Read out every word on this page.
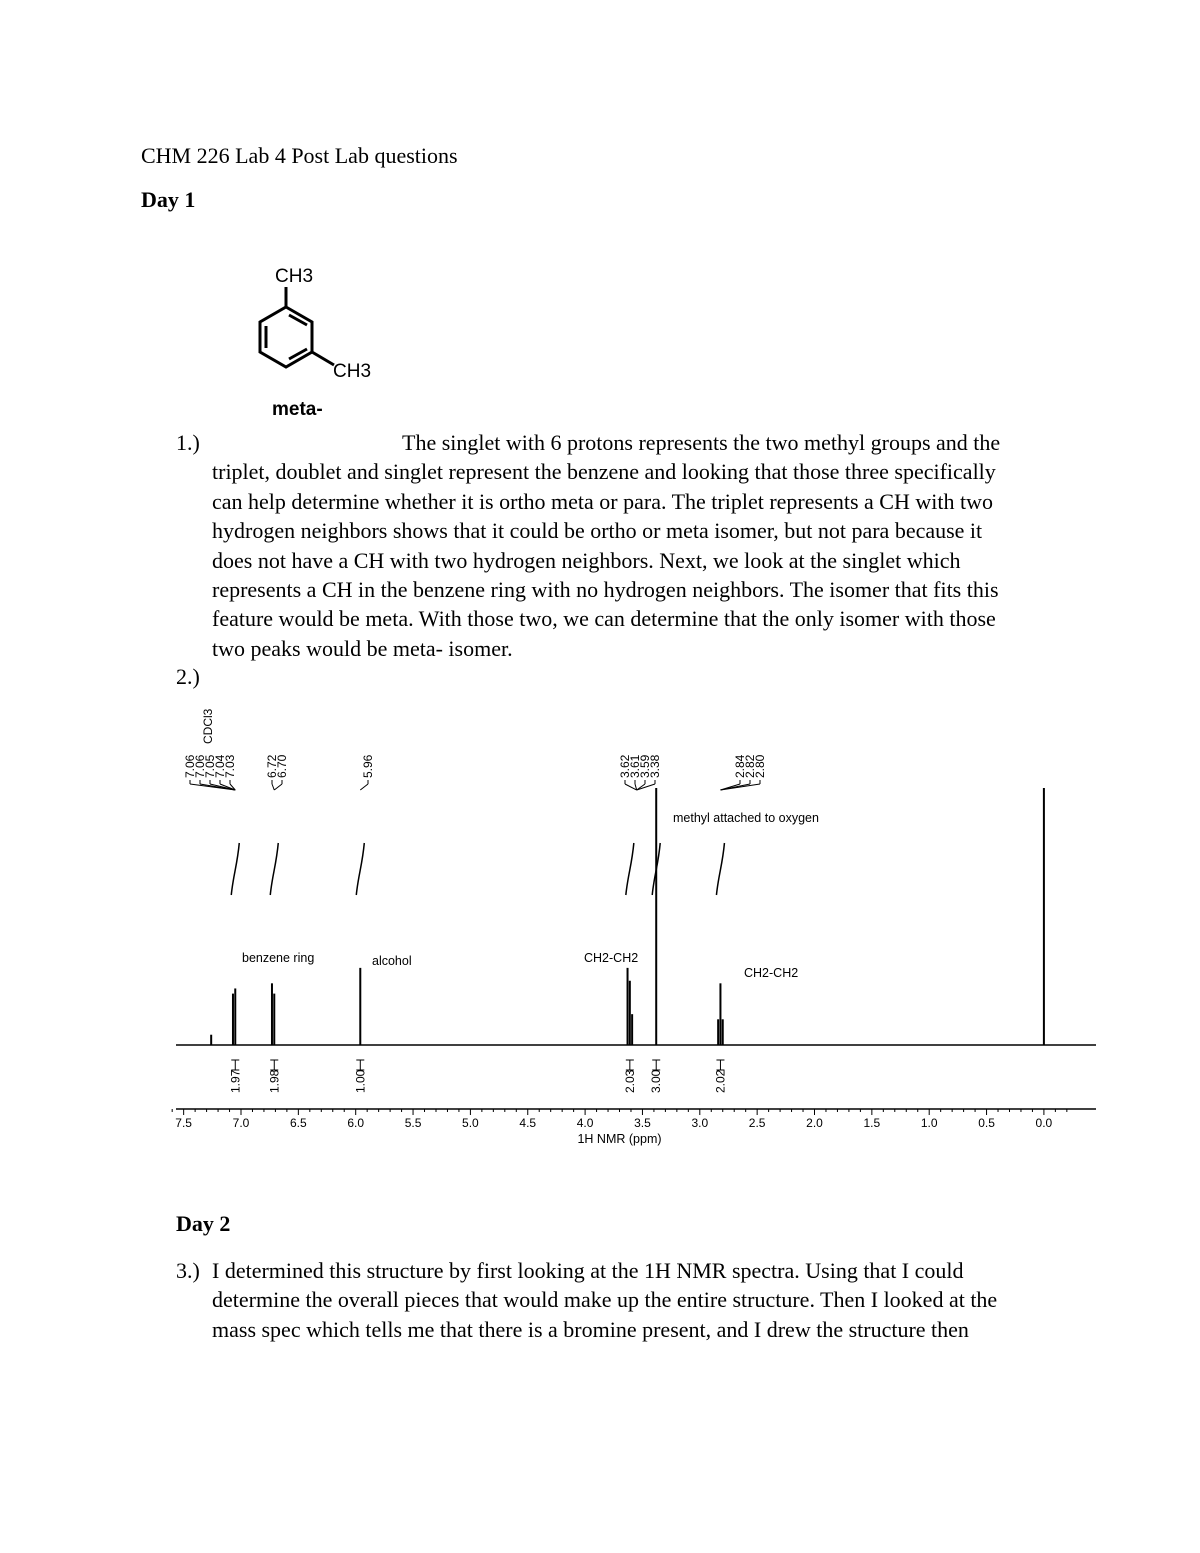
CHM 226 Lab 4 Post Lab questions
Day 1
CH3
CH3
meta-
1.)	The singlet with 6 protons represents the two methyl groups and the
triplet, doublet and singlet represent the benzene and looking that those three specifically
can help determine whether it is ortho meta or para. The triplet represents a CH with two
hydrogen neighbors shows that it could be ortho or meta isomer, but not para because it
does not have a CH with two hydrogen neighbors. Next, we look at the singlet which
represents a CH in the benzene ring with no hydrogen neighbors. The isomer that fits this
feature would be meta. With those two, we can determine that the only isomer with those
two peaks would be meta- isomer.
2.)
7.06
7.06
7.05
7.04
7.03 6.72
6.70	5.96	3.62
3.61
3.59
3.38	2.84
2.82
2.80
CDCl3
1.97 1.98	1.00	2.03 3.00	2.02
benzene ring	alcohol	CH2-CH2
methyl attached to oxygen
CH2-CH2
7.5	7.0	6.5	6.0	5.5	5.0	4.5	4.0	3.5	3.0	2.5	2.0	1.5	1.0	0.5	0.0
1H NMR (ppm)
Day 2
3.) I determined this structure by first looking at the 1H NMR spectra. Using that I could
determine the overall pieces that would make up the entire structure. Then I looked at the
mass spec which tells me that there is a bromine present, and I drew the structure then
